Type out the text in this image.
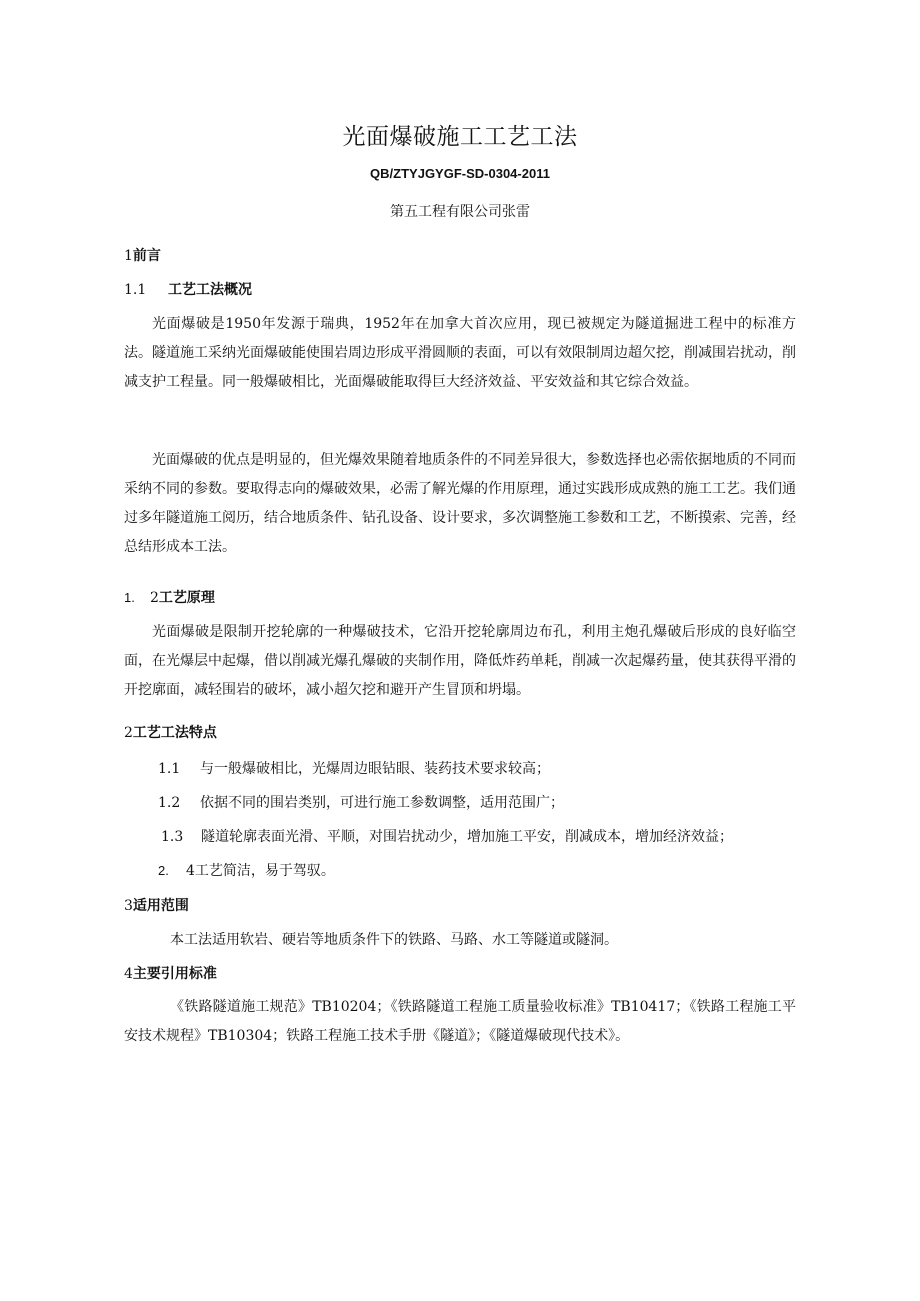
光面爆破施工工艺工法
QB/ZTYJGYGF-SD-0304-2011
第五工程有限公司张雷
1前言
1.1 工艺工法概况

光面爆破是1950年发源于瑞典，1952年在加拿大首次应用，现已被规定为隧道掘进工程中的标准方法。隧道施工采纳光面爆破能使围岩周边形成平滑圆顺的表面，可以有效限制周边超欠挖，削减围岩扰动，削减支护工程量。同一般爆破相比，光面爆破能取得巨大经济效益、平安效益和其它综合效益。

光面爆破的优点是明显的，但光爆效果随着地质条件的不同差异很大，参数选择也必需依据地质的不同而采纳不同的参数。要取得志向的爆破效果，必需了解光爆的作用原理，通过实践形成成熟的施工工艺。我们通过多年隧道施工阅历，结合地质条件、钻孔设备、设计要求，多次调整施工参数和工艺，不断摸索、完善，经总结形成本工法。

1. 2工艺原理

光面爆破是限制开挖轮廓的一种爆破技术，它沿开挖轮廓周边布孔，利用主炮孔爆破后形成的良好临空面，在光爆层中起爆，借以削减光爆孔爆破的夹制作用，降低炸药单耗，削减一次起爆药量，使其获得平滑的开挖廓面，减轻围岩的破坏，减小超欠挖和避开产生冒顶和坍塌。

2工艺工法特点
1.1 与一般爆破相比，光爆周边眼钻眼、装药技术要求较高；
1.2 依据不同的围岩类别，可进行施工参数调整，适用范围广；
1.3 隧道轮廓表面光滑、平顺，对围岩扰动少，增加施工平安，削减成本，增加经济效益；
2. 4工艺简洁，易于驾驭。
3适用范围

本工法适用软岩、硬岩等地质条件下的铁路、马路、水工等隧道或隧洞。

4主要引用标准

《铁路隧道施工规范》TB10204；《铁路隧道工程施工质量验收标准》TB10417；《铁路工程施工平安技术规程》TB10304；铁路工程施工技术手册《隧道》；《隧道爆破现代技术》。
